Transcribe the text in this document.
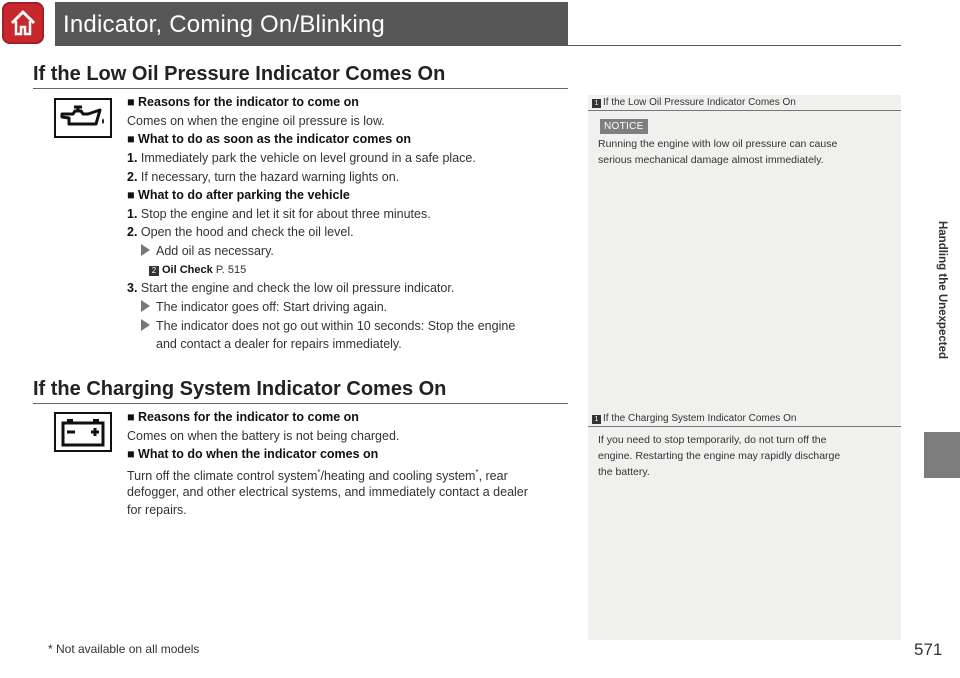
Indicator, Coming On/Blinking
If the Low Oil Pressure Indicator Comes On
■ Reasons for the indicator to come on
Comes on when the engine oil pressure is low.
■ What to do as soon as the indicator comes on
1. Immediately park the vehicle on level ground in a safe place.
2. If necessary, turn the hazard warning lights on.
■ What to do after parking the vehicle
1. Stop the engine and let it sit for about three minutes.
2. Open the hood and check the oil level.
Add oil as necessary.
2 Oil Check P. 515
3. Start the engine and check the low oil pressure indicator.
The indicator goes off: Start driving again.
The indicator does not go out within 10 seconds: Stop the engine
and contact a dealer for repairs immediately.
If the Charging System Indicator Comes On
■ Reasons for the indicator to come on
Comes on when the battery is not being charged.
■ What to do when the indicator comes on
Turn off the climate control system*/heating and cooling system*, rear
defogger, and other electrical systems, and immediately contact a dealer
for repairs.
1 If the Low Oil Pressure Indicator Comes On
NOTICE
Running the engine with low oil pressure can cause
serious mechanical damage almost immediately.
1 If the Charging System Indicator Comes On
If you need to stop temporarily, do not turn off the
engine. Restarting the engine may rapidly discharge
the battery.
Handling the Unexpected
* Not available on all models	571
